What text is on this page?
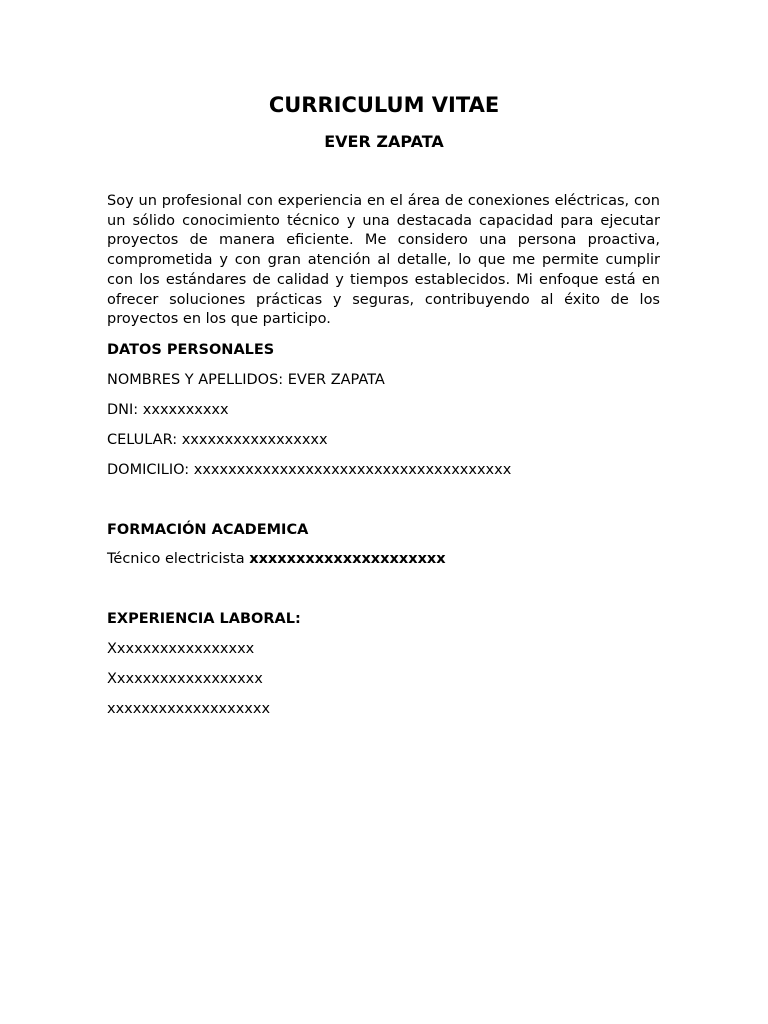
CURRICULUM VITAE
EVER ZAPATA

Soy un profesional con experiencia en el área de conexiones eléctricas, con un sólido conocimiento técnico y una destacada capacidad para ejecutar proyectos de manera eficiente. Me considero una persona proactiva, comprometida y con gran atención al detalle, lo que me permite cumplir con los estándares de calidad y tiempos establecidos. Mi enfoque está en ofrecer soluciones prácticas y seguras, contribuyendo al éxito de los proyectos en los que participo.

DATOS PERSONALES

NOMBRES Y APELLIDOS: EVER ZAPATA

DNI: xxxxxxxxxx

CELULAR: xxxxxxxxxxxxxxxxx

DOMICILIO: xxxxxxxxxxxxxxxxxxxxxxxxxxxxxxxxxxxxx

FORMACIÓN ACADEMICA

Técnico electricista xxxxxxxxxxxxxxxxxxxxx

EXPERIENCIA LABORAL:

Xxxxxxxxxxxxxxxxx

Xxxxxxxxxxxxxxxxxx

xxxxxxxxxxxxxxxxxxx
